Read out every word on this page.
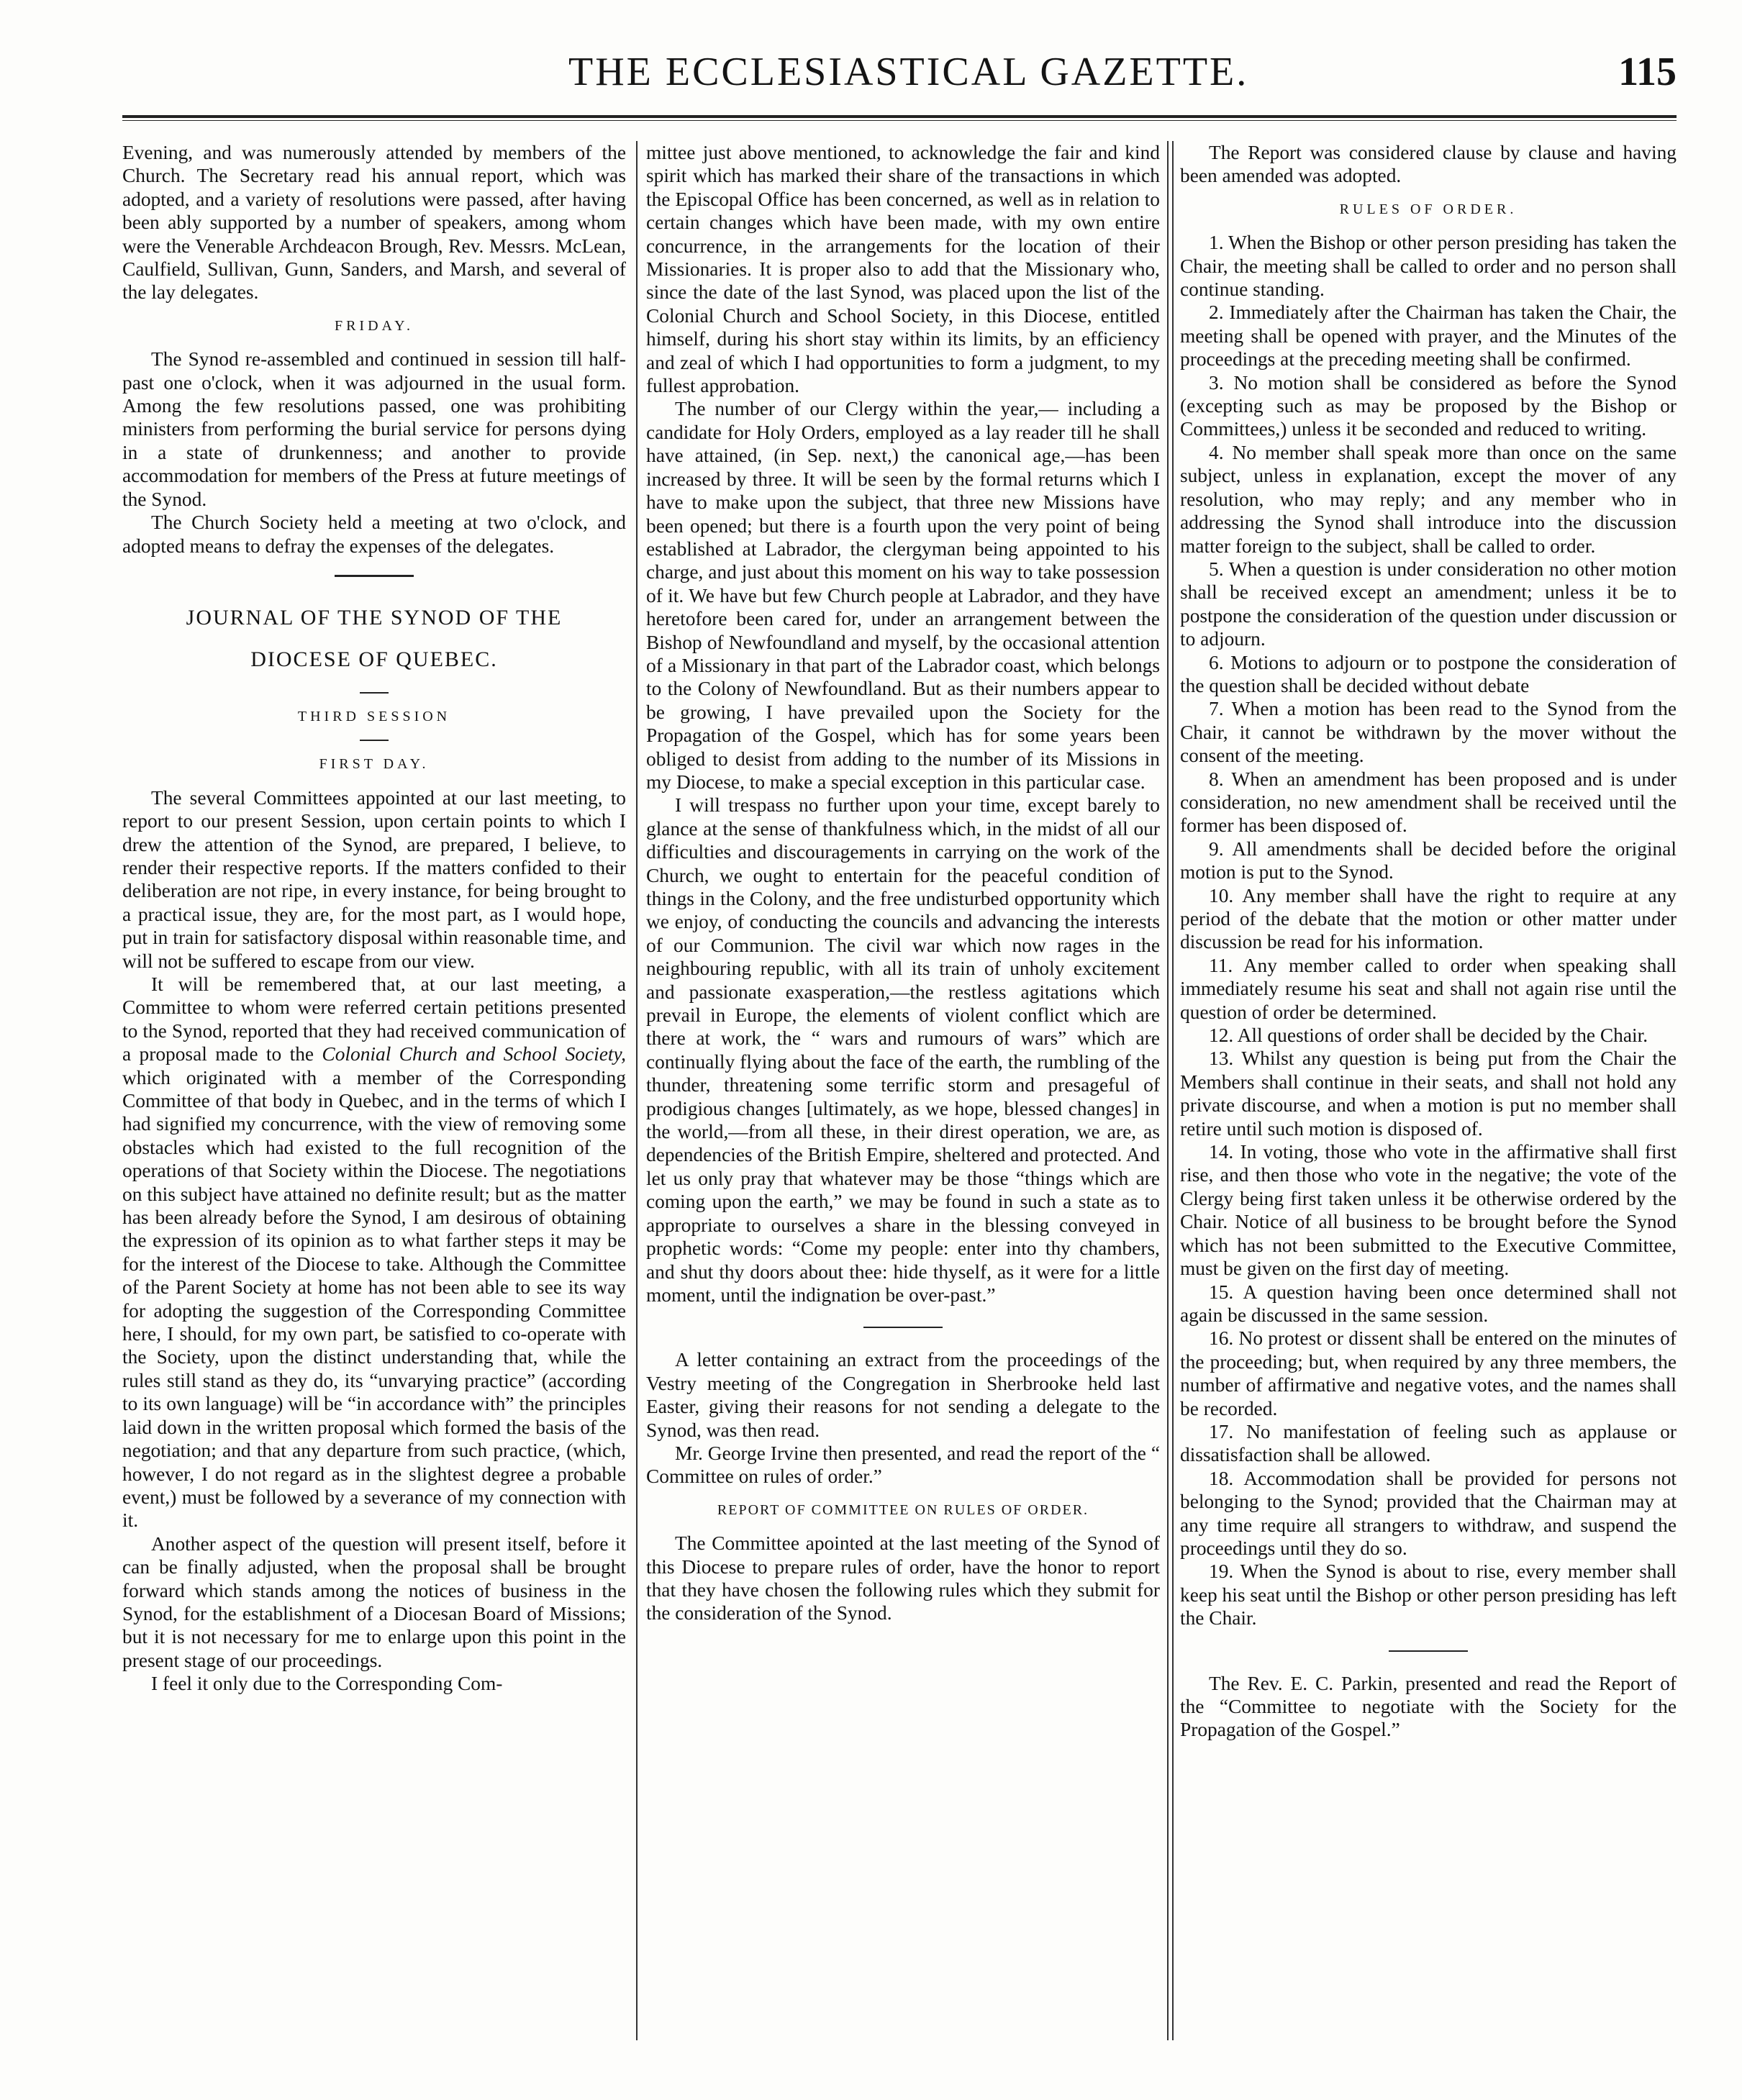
THE ECCLESIASTICAL GAZETTE.	115

Evening, and was numerously attended by members of the Church. The Secretary read his annual report, which was adopted, and a variety of resolutions were passed, after having been ably supported by a number of speakers, among whom were the Venerable Archdeacon Brough, Rev. Messrs. McLean, Caulfield, Sullivan, Gunn, Sanders, and Marsh, and several of the lay delegates.

FRIDAY.

The Synod re-assembled and continued in session till half-past one o'clock, when it was adjourned in the usual form. Among the few resolutions passed, one was prohibiting ministers from performing the burial service for persons dying in a state of drunkenness; and another to provide accommodation for members of the Press at future meetings of the Synod.

The Church Society held a meeting at two o'clock, and adopted means to defray the expenses of the delegates.

JOURNAL OF THE SYNOD OF THE
DIOCESE OF QUEBEC.
THIRD SESSION
FIRST DAY.

The several Committees appointed at our last meeting, to report to our present Session, upon certain points to which I drew the attention of the Synod, are prepared, I believe, to render their respective reports. If the matters confided to their deliberation are not ripe, in every instance, for being brought to a practical issue, they are, for the most part, as I would hope, put in train for satisfactory disposal within reasonable time, and will not be suffered to escape from our view.

It will be remembered that, at our last meeting, a Committee to whom were referred certain petitions presented to the Synod, reported that they had received communication of a proposal made to the Colonial Church and School Society, which originated with a member of the Corresponding Committee of that body in Quebec, and in the terms of which I had signified my concurrence, with the view of removing some obstacles which had existed to the full recognition of the operations of that Society within the Diocese. The negotiations on this subject have attained no definite result; but as the matter has been already before the Synod, I am desirous of obtaining the expression of its opinion as to what farther steps it may be for the interest of the Diocese to take. Although the Committee of the Parent Society at home has not been able to see its way for adopting the suggestion of the Corresponding Committee here, I should, for my own part, be satisfied to co-operate with the Society, upon the distinct understanding that, while the rules still stand as they do, its “unvarying practice” (according to its own language) will be “in accordance with” the principles laid down in the written proposal which formed the basis of the negotiation; and that any departure from such practice, (which, however, I do not regard as in the slightest degree a probable event,) must be followed by a severance of my connection with it.

Another aspect of the question will present itself, before it can be finally adjusted, when the proposal shall be brought forward which stands among the notices of business in the Synod, for the establishment of a Diocesan Board of Missions; but it is not necessary for me to enlarge upon this point in the present stage of our proceedings.

I feel it only due to the Corresponding Com-

mittee just above mentioned, to acknowledge the fair and kind spirit which has marked their share of the transactions in which the Episcopal Office has been concerned, as well as in relation to certain changes which have been made, with my own entire concurrence, in the arrangements for the location of their Missionaries. It is proper also to add that the Missionary who, since the date of the last Synod, was placed upon the list of the Colonial Church and School Society, in this Diocese, entitled himself, during his short stay within its limits, by an efficiency and zeal of which I had opportunities to form a judgment, to my fullest approbation.

The number of our Clergy within the year,— including a candidate for Holy Orders, employed as a lay reader till he shall have attained, (in Sep. next,) the canonical age,—has been increased by three. It will be seen by the formal returns which I have to make upon the subject, that three new Missions have been opened; but there is a fourth upon the very point of being established at Labrador, the clergyman being appointed to his charge, and just about this moment on his way to take possession of it. We have but few Church people at Labrador, and they have heretofore been cared for, under an arrangement between the Bishop of Newfoundland and myself, by the occasional attention of a Missionary in that part of the Labrador coast, which belongs to the Colony of Newfoundland. But as their numbers appear to be growing, I have prevailed upon the Society for the Propagation of the Gospel, which has for some years been obliged to desist from adding to the number of its Missions in my Diocese, to make a special exception in this particular case.

I will trespass no further upon your time, except barely to glance at the sense of thankfulness which, in the midst of all our difficulties and discouragements in carrying on the work of the Church, we ought to entertain for the peaceful condition of things in the Colony, and the free undisturbed opportunity which we enjoy, of conducting the councils and advancing the interests of our Communion. The civil war which now rages in the neighbouring republic, with all its train of unholy excitement and passionate exasperation,—the restless agitations which prevail in Europe, the elements of violent conflict which are there at work, the “ wars and rumours of wars” which are continually flying about the face of the earth, the rumbling of the thunder, threatening some terrific storm and presageful of prodigious changes [ultimately, as we hope, blessed changes] in the world,—from all these, in their direst operation, we are, as dependencies of the British Empire, sheltered and protected. And let us only pray that whatever may be those “things which are coming upon the earth,” we may be found in such a state as to appropriate to ourselves a share in the blessing conveyed in prophetic words: “Come my people: enter into thy chambers, and shut thy doors about thee: hide thyself, as it were for a little moment, until the indignation be over-past.”

A letter containing an extract from the proceedings of the Vestry meeting of the Congregation in Sherbrooke held last Easter, giving their reasons for not sending a delegate to the Synod, was then read.

Mr. George Irvine then presented, and read the report of the “ Committee on rules of order.”

REPORT OF COMMITTEE ON RULES OF ORDER.

The Committee apointed at the last meeting of the Synod of this Diocese to prepare rules of order, have the honor to report that they have chosen the following rules which they submit for the consideration of the Synod.

The Report was considered clause by clause and having been amended was adopted.

RULES OF ORDER.

1. When the Bishop or other person presiding has taken the Chair, the meeting shall be called to order and no person shall continue standing.

2. Immediately after the Chairman has taken the Chair, the meeting shall be opened with prayer, and the Minutes of the proceedings at the preceding meeting shall be confirmed.

3. No motion shall be considered as before the Synod (excepting such as may be proposed by the Bishop or Committees,) unless it be seconded and reduced to writing.

4. No member shall speak more than once on the same subject, unless in explanation, except the mover of any resolution, who may reply; and any member who in addressing the Synod shall introduce into the discussion matter foreign to the subject, shall be called to order.

5. When a question is under consideration no other motion shall be received except an amendment; unless it be to postpone the consideration of the question under discussion or to adjourn.

6. Motions to adjourn or to postpone the consideration of the question shall be decided without debate

7. When a motion has been read to the Synod from the Chair, it cannot be withdrawn by the mover without the consent of the meeting.

8. When an amendment has been proposed and is under consideration, no new amendment shall be received until the former has been disposed of.

9. All amendments shall be decided before the original motion is put to the Synod.

10. Any member shall have the right to require at any period of the debate that the motion or other matter under discussion be read for his information.

11. Any member called to order when speaking shall immediately resume his seat and shall not again rise until the question of order be determined.

12. All questions of order shall be decided by the Chair.

13. Whilst any question is being put from the Chair the Members shall continue in their seats, and shall not hold any private discourse, and when a motion is put no member shall retire until such motion is disposed of.

14. In voting, those who vote in the affirmative shall first rise, and then those who vote in the negative; the vote of the Clergy being first taken unless it be otherwise ordered by the Chair. Notice of all business to be brought before the Synod which has not been submitted to the Executive Committee, must be given on the first day of meeting.

15. A question having been once determined shall not again be discussed in the same session.

16. No protest or dissent shall be entered on the minutes of the proceeding; but, when required by any three members, the number of affirmative and negative votes, and the names shall be recorded.

17. No manifestation of feeling such as applause or dissatisfaction shall be allowed.

18. Accommodation shall be provided for persons not belonging to the Synod; provided that the Chairman may at any time require all strangers to withdraw, and suspend the proceedings until they do so.

19. When the Synod is about to rise, every member shall keep his seat until the Bishop or other person presiding has left the Chair.

The Rev. E. C. Parkin, presented and read the Report of the “Committee to negotiate with the Society for the Propagation of the Gospel.”
